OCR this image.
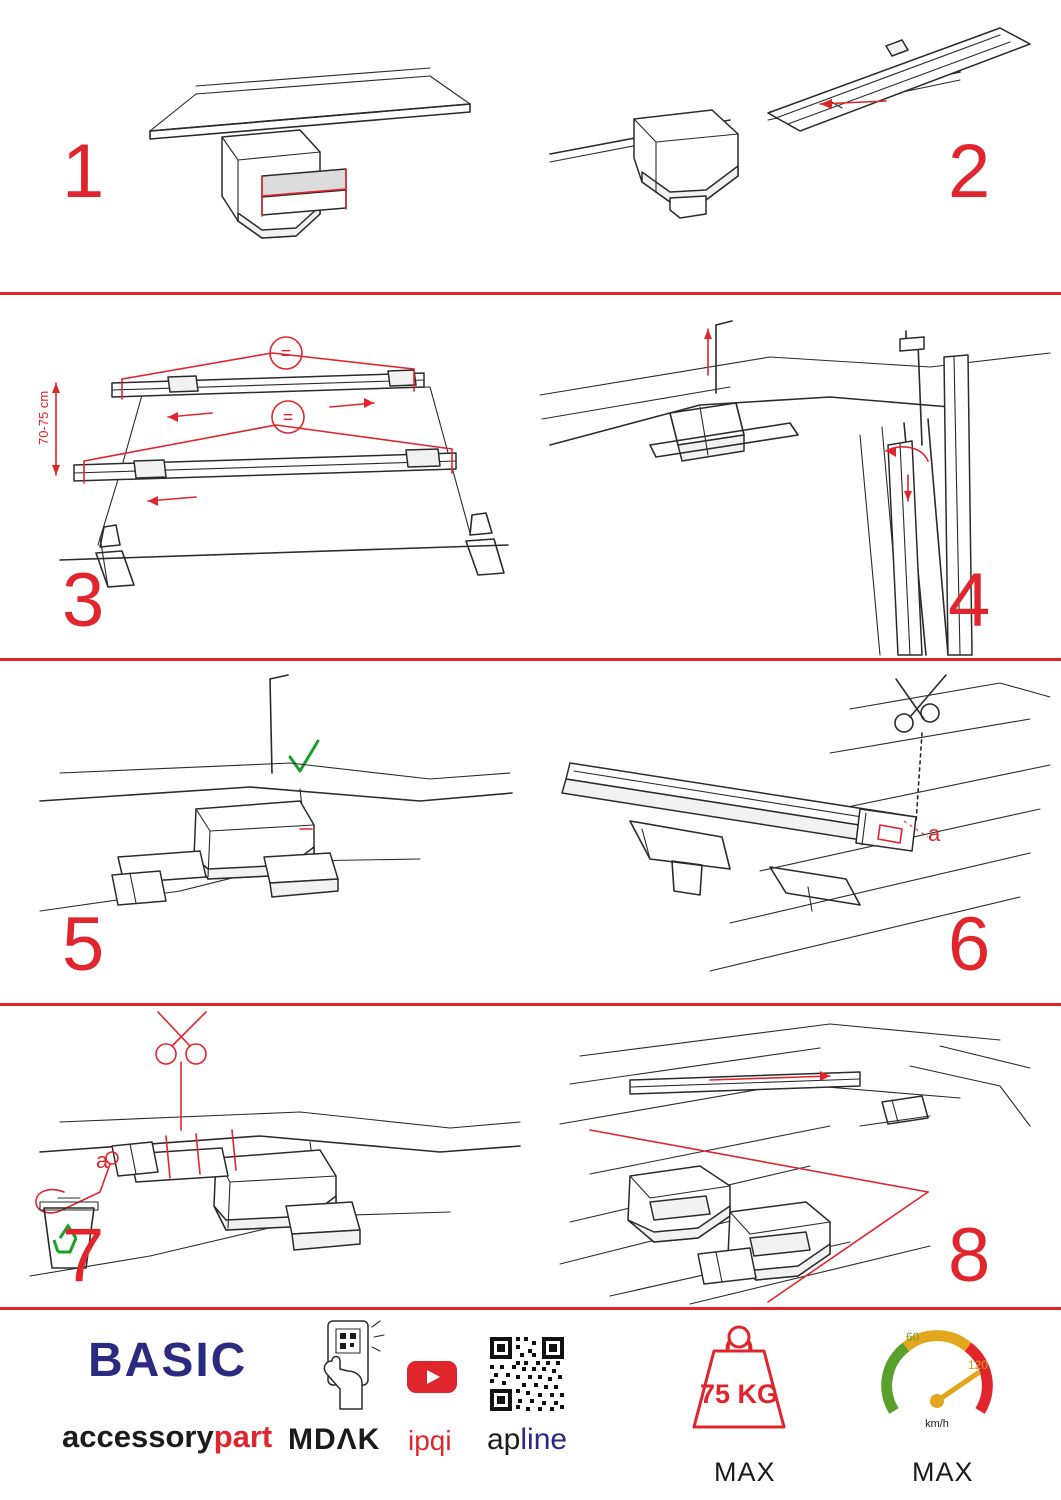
1	2
=
=
70-75 cm
3	4
5
a
6
a
7	8
BASIC
accessorypart MDΛK ipqi apline
75 KG
MAX
60
120
km/h
MAX
